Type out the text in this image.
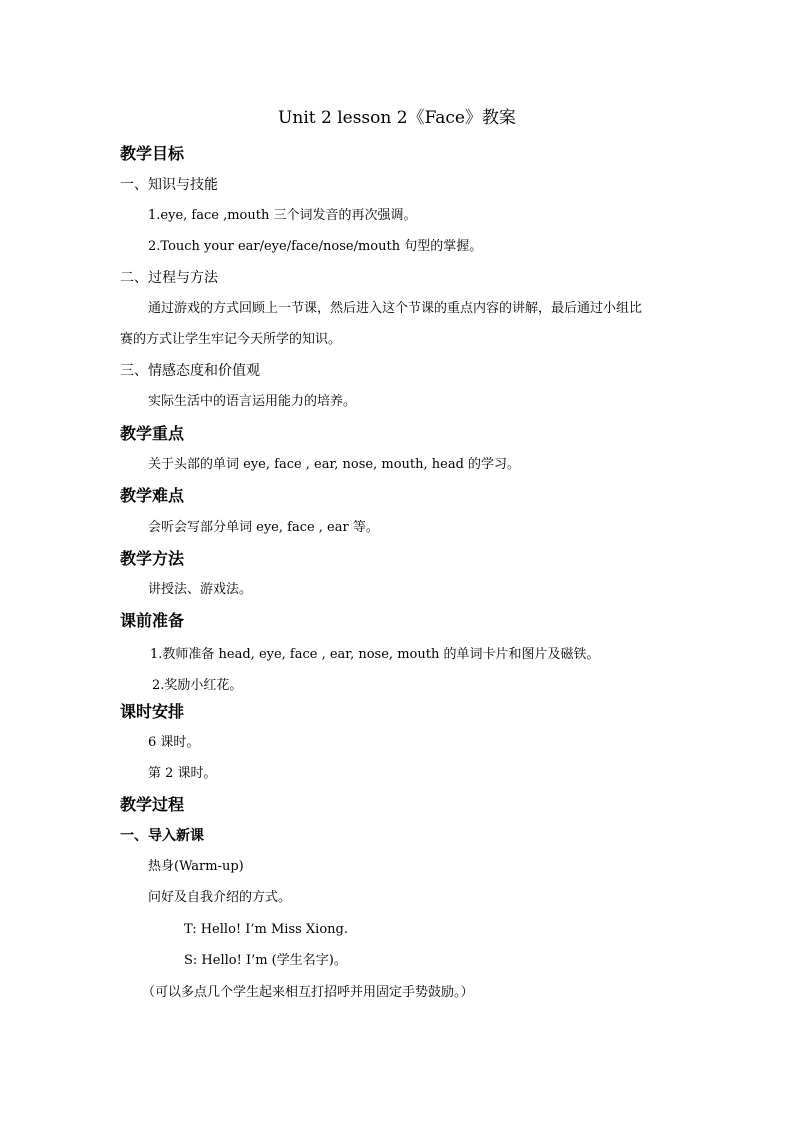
Unit 2 lesson 2《Face》教案
教学目标
一、知识与技能
1.eye, face ,mouth 三个词发音的再次强调。
2.Touch your ear/eye/face/nose/mouth 句型的掌握。
二、过程与方法
通过游戏的方式回顾上一节课，然后进入这个节课的重点内容的讲解，最后通过小组比
赛的方式让学生牢记今天所学的知识。
三、情感态度和价值观
实际生活中的语言运用能力的培养。
教学重点
关于头部的单词 eye, face , ear, nose, mouth, head 的学习。
教学难点
会听会写部分单词 eye, face , ear 等。
教学方法
讲授法、游戏法。
课前准备
1.教师准备 head, eye, face , ear, nose, mouth 的单词卡片和图片及磁铁。
2.奖励小红花。
课时安排
6 课时。
第 2 课时。
教学过程
一、导入新课
热身(Warm-up)
问好及自我介绍的方式。
T: Hello! I’m Miss Xiong.
S: Hello! I’m (学生名字)。
（可以多点几个学生起来相互打招呼并用固定手势鼓励。）
